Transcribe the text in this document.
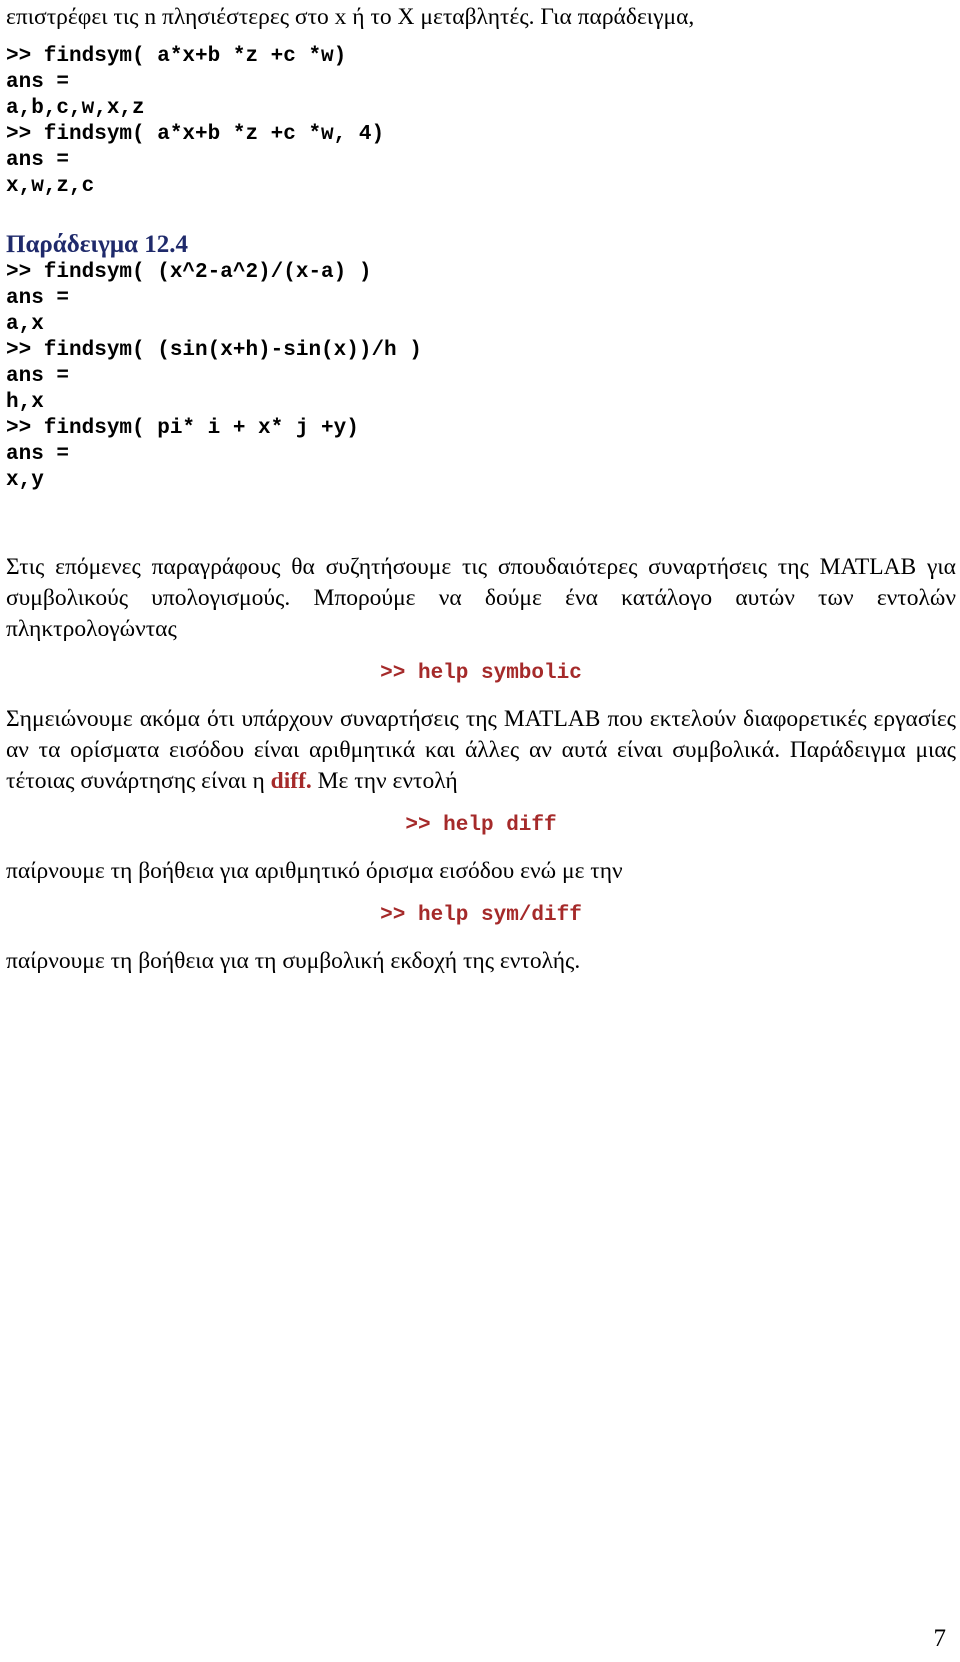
επιστρέφει τις n πλησιέστερες στο x ή το X μεταβλητές. Για παράδειγμα,

>> findsym( a*x+b *z +c *w)
ans =
a,b,c,w,x,z
>> findsym( a*x+b *z +c *w, 4)
ans =
x,w,z,c

Παράδειγμα 12.4

>> findsym( (x^2-a^2)/(x-a) )
ans =
a,x
>> findsym( (sin(x+h)-sin(x))/h )
ans =
h,x
>> findsym( pi* i + x* j +y)
ans =
x,y

Στις επόμενες παραγράφους θα συζητήσουμε τις σπουδαιότερες συναρτήσεις της MATLAB για συμβολικούς υπολογισμούς. Μπορούμε να δούμε ένα κατάλογο αυτών των εντολών πληκτρολογώντας

>> help symbolic

Σημειώνουμε ακόμα ότι υπάρχουν συναρτήσεις της MATLAB που εκτελούν διαφορετικές εργασίες αν τα ορίσματα εισόδου είναι αριθμητικά και άλλες αν αυτά είναι συμβολικά. Παράδειγμα μιας τέτοιας συνάρτησης είναι η diff. Με την εντολή

>> help diff

παίρνουμε τη βοήθεια για αριθμητικό όρισμα εισόδου ενώ με την

>> help sym/diff

παίρνουμε τη βοήθεια για τη συμβολική εκδοχή της εντολής.

7
